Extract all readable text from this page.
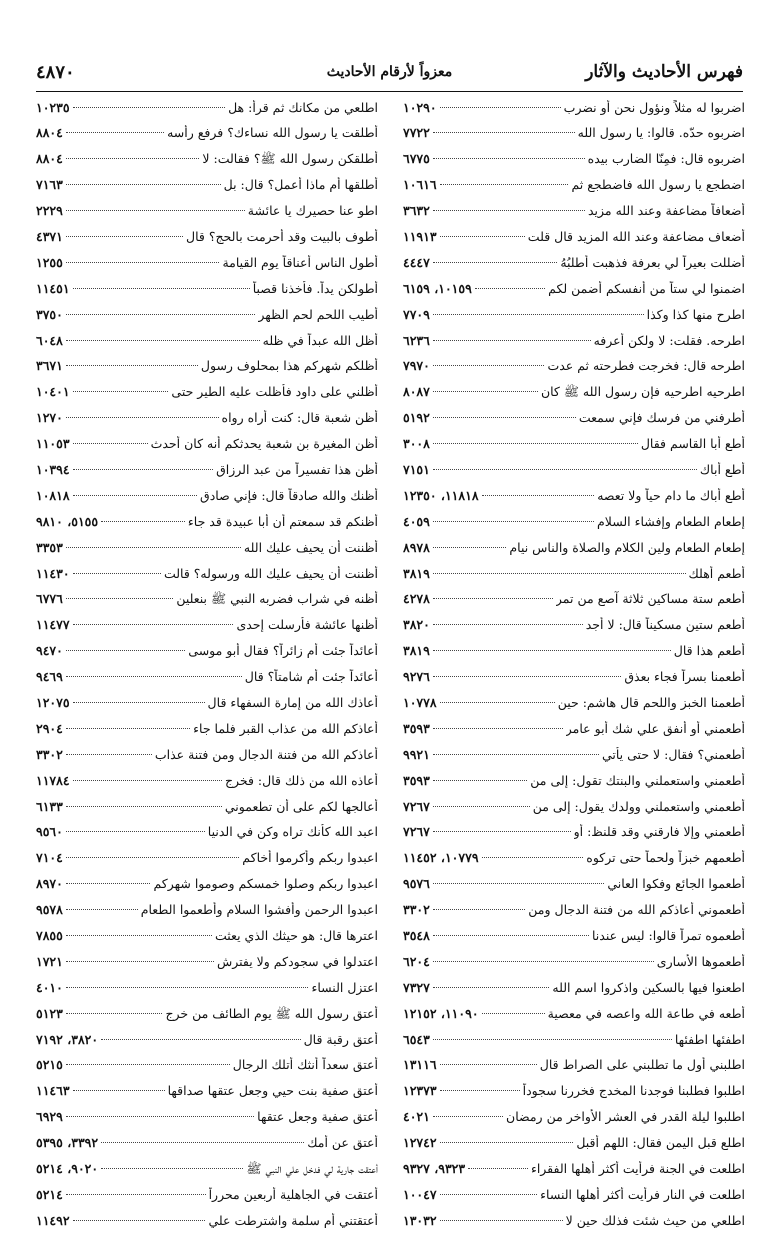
فهرس الأحاديث والآثار
معزواً لأرقام الأحاديث
٤٨٧٠
اضربوا له مثلاً ونؤول نحن أو نضرب
١٠٢٩٠
اضربوه حدّه. قالوا: يا رسول الله
٧٧٢٢
اضربوه قال: فمِنّا الضارب بيده
٦٧٧٥
اضطجع يا رسول الله فاضطجع ثم
١٠٦١٦
أضعافاً مضاعفة وعند الله مزيد
٣٦٣٢
أضعاف مضاعفة وعند الله المزيد قال قلت
١١٩١٣
أضللت بعيراً لي بعرفة فذهبت أطلبُهُ
٤٤٤٧
اضمنوا لي ستاً من أنفسكم أضمن لكم
١٠١٥٩، ٦١٥٩
اطرح منها كذا وكذا
٧٧٠٩
اطرحه. فقلت: لا ولكن أعرفه
٦٢٣٦
اطرحه قال: فخرجت فطرحته ثم عدت
٧٩٧٠
اطرحيه اطرحيه فإن رسول الله ﷺ كان
٨٠٨٧
أطرفني من فرسك فإني سمعت
٥١٩٢
أطع أبا القاسم فقال
٣٠٠٨
أطع أباك
٧١٥١
أطع أباك ما دام حياً ولا تعصه
١١٨١٨، ١٢٣٥٠
إطعام الطعام وإفشاء السلام
٤٠٥٩
إطعام الطعام ولين الكلام والصلاة والناس نيام
٨٩٧٨
أطعم أهلك
٣٨١٩
أطعم ستة مساكين ثلاثة آصع من تمر
٤٢٧٨
أطعم ستين مسكيناً قال: لا أجد
٣٨٢٠
أطعم هذا قال
٣٨١٩
أطعمنا بسراً فجاء بعذق
٩٢٧٦
أطعمنا الخبز واللحم قال هاشم: حين
١٠٧٧٨
أطعمني أو أنفق علي شك أبو عامر
٣٥٩٣
أطعمني؟ فقال: لا حتى يأتي
٩٩٢١
أطعمني واستعملني والبنتك تقول: إلى من
٣٥٩٣
أطعمني واستعملني وولدك يقول: إلى من
٧٢٦٧
أطعمني وإلا فارقني وقد قلنظ: أو
٧٢٦٧
أطعمهم خبزاً ولحماً حتى تركوه
١٠٧٧٩، ١١٤٥٢
أطعموا الجائع وفكوا العاني
٩٥٧٦
أطعموني أعاذكم الله من فتنة الدجال ومن
٣٣٠٢
أطعموه تمراً قالوا: ليس عندنا
٣٥٤٨
أطعموها الأسارى
٦٢٠٤
اطعنوا فيها بالسكين واذكروا اسم الله
٧٣٢٧
أطعه في طاعة الله واعصه في معصية
١١٠٩٠، ١٢١٥٢
اطفئها اطفئها
٦٥٤٣
اطلبني أول ما تطلبني على الصراط قال
١٣١١٦
اطلبوا فطلبنا فوجدنا المخدج فخررنا سجوداً
١٢٣٧٣
اطلبوا ليلة القدر في العشر الأواخر من رمضان
٤٠٢١
اطلع قبل اليمن فقال: اللهم أقبل
١٢٧٤٢
اطلعت في الجنة فرأيت أكثر أهلها الفقراء
٩٣٢٣، ٩٣٢٧
اطلعت في النار فرأيت أكثر أهلها النساء
١٠٠٤٧
اطلعي من حيث شئت فذلك حين لا
١٣٠٣٢
اطلعي من مكانك ثم قرأ: هل
١٠٢٣٥
أطلقت يا رسول الله نساءك؟ فرفع رأسه
٨٨٠٤
أطلقكن رسول الله ﷺ؟ فقالت: لا
٨٨٠٤
أطلقها أم ماذا أعمل؟ قال: بل
٧١٦٣
اطو عنا حصيرك يا عائشة
٢٢٢٩
أطوف بالبيت وقد أحرمت بالحج؟ قال
٤٣٧١
أطول الناس أعناقاً يوم القيامة
١٢٥٥
أطولكن يداً. فأخذنا قصباً
١١٤٥١
أطيب اللحم لحم الظهر
٣٧٥٠
أظل الله عبداً في ظله
٦٠٤٨
أظلكم شهركم هذا بمحلوف رسول
٣٦٧١
أظلني على داود فأظلت عليه الطير حتى
١٠٤٠١
أظن شعبة قال: كنت أراه رواه
١٢٧٠
أظن المغيرة بن شعبة يحدثكم أنه كان أحدث
١١٠٥٣
أظن هذا تفسيراً من عبد الرزاق
١٠٣٩٤
أظنك والله صادقاً قال: فإني صادق
١٠٨١٨
أظنكم قد سمعتم أن أبا عبيدة قد جاء
٥١٥٥، ٩٨١٠
أظننت أن يحيف عليك الله
٣٣٥٣
أظننت أن يحيف عليك الله ورسوله؟ قالت
١١٤٣٠
أظنه في شراب فضربه النبي ﷺ بنعلين
٦٧٧٦
أظنها عائشة فأرسلت إحدى
١١٤٧٧
أعائداً جئت أم زائراً؟ فقال أبو موسى
٩٤٧٠
أعائداً جئت أم شامتاً؟ قال
٩٤٦٩
أعاذك الله من إمارة السفهاء قال
١٢٠٧٥
أعاذكم الله من عذاب القبر فلما جاء
٢٩٠٤
أعاذكم الله من فتنة الدجال ومن فتنة عذاب
٣٣٠٢
أعاذه الله من ذلك قال: فخرج
١١٧٨٤
أعالجها لكم على أن تطعموني
٦١٣٣
اعبد الله كأنك تراه وكن في الدنيا
٩٥٦٠
اعبدوا ربكم وأكرموا أخاكم
٧١٠٤
اعبدوا ربكم وصلوا خمسكم وصوموا شهركم
٨٩٧٠
اعبدوا الرحمن وأفشوا السلام وأطعموا الطعام
٩٥٧٨
اعترها قال: هو حيثك الذي يعثت
٧٨٥٥
اعتدلوا في سجودكم ولا يفترش
١٧٢١
اعتزل النساء
٤٠١٠
أعتق رسول الله ﷺ يوم الطائف من خرج
٥١٢٣
أعتق رقبة قال
٣٨٢٠، ٧١٩٢
أعتق سعداً أنثك أتلك الرجال
٥٢١٥
أعتق صفية بنت حيي وجعل عتقها صداقها
١١٤٦٣
أعتق صفية وجعل عتقها
٦٩٢٩
أعتق عن أمك
٣٣٩٢، ٥٣٩٥
أعتقت جارية لي فدخل علي النبي ﷺ
٩٠٢٠، ٥٢١٤
أعتقت في الجاهلية أربعين محرراً
٥٢١٤
أعتقتني أم سلمة واشترطت علي
١١٤٩٢
